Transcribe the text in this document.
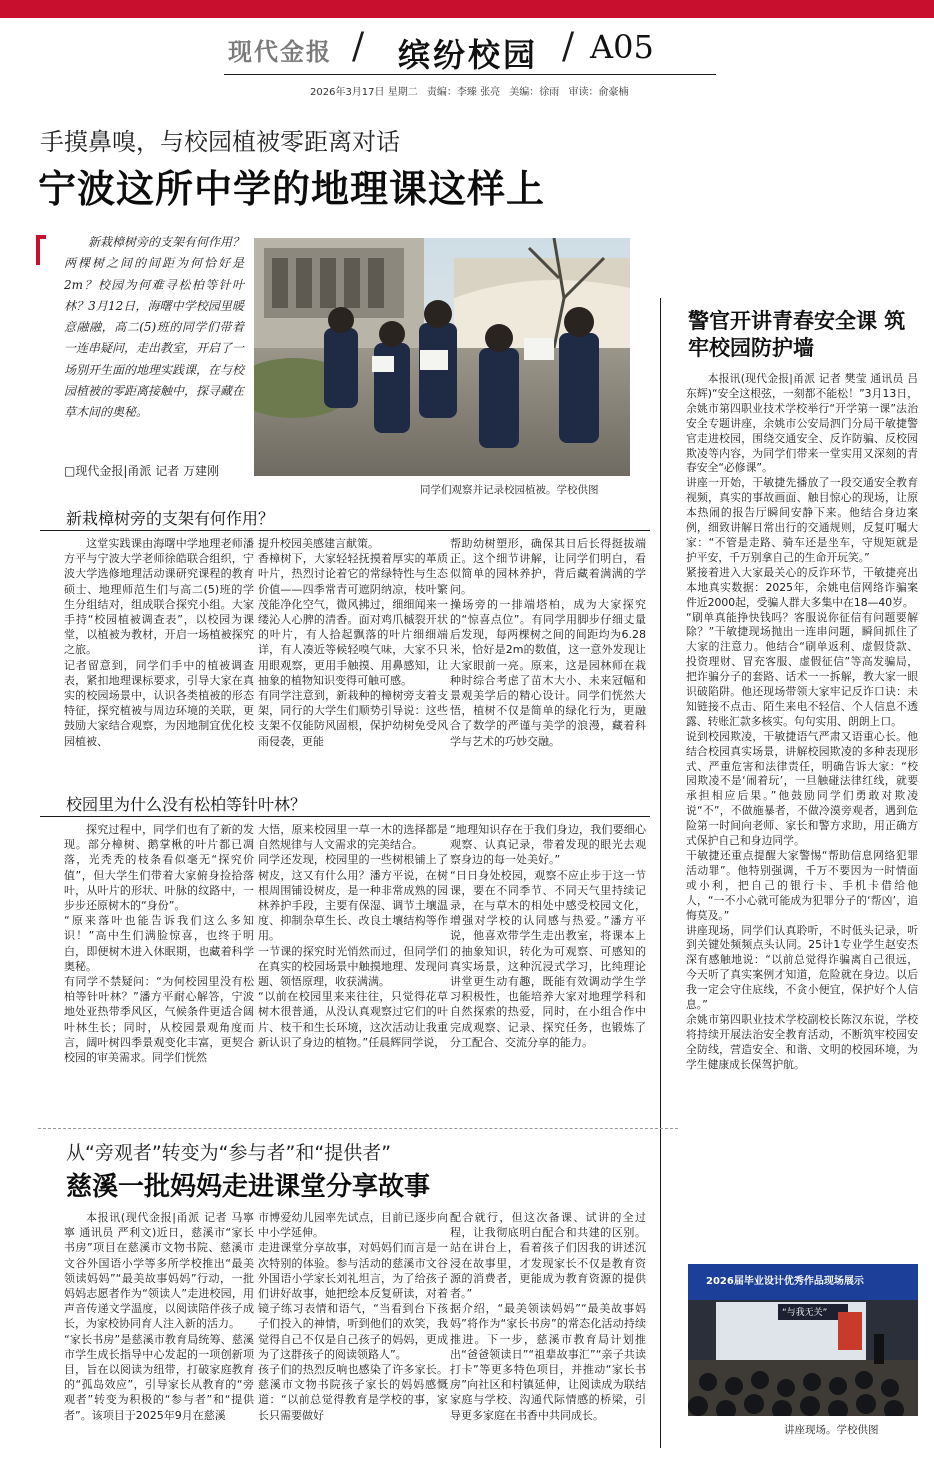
现代金报 / 缤纷校园 / A05
2026年3月17日 星期二 责编：李臻 张亮 美编：徐雨 审读：俞豪楠
手摸鼻嗅，与校园植被零距离对话
宁波这所中学的地理课这样上

新栽樟树旁的支架有何作用？两棵树之间的间距为何恰好是2m？校园为何难寻松柏等针叶林？3月12日，海曙中学校园里暖意融融，高二(5)班的同学们带着一连串疑问，走出教室，开启了一场别开生面的地理实践课，在与校园植被的零距离接触中，探寻藏在草木间的奥秘。

□现代金报|甬派 记者 万建刚
同学们观察并记录校园植被。学校供图
新栽樟树旁的支架有何作用？

这堂实践课由海曙中学地理老师潘方平与宁波大学老师徐皓联合组织，宁波大学选修地理活动课研究课程的教育硕士、地理师范生们与高二(5)班的学生分组结对，组成联合探究小组。大家手持“校园植被调查表”，以校园为课堂，以植被为教材，开启一场植被探究之旅。
记者留意到，同学们手中的植被调查表，紧扣地理课标要求，引导大家在真实的校园场景中，认识各类植被的形态特征，探究植被与周边环境的关联，更鼓励大家结合观察，为因地制宜优化校园植被、

提升校园美感建言献策。
香樟树下，大家轻轻抚摸着厚实的革质叶片，热烈讨论着它的常绿特性与生态价值——四季常青可遮阴纳凉，枝叶繁茂能净化空气，微风拂过，细细闻来一缕沁人心脾的清香。面对鸡爪槭裂开状的叶片，有人拾起飘落的叶片细细端详，有人凑近等候轻嗅气味，大家不只用眼观察，更用手触摸、用鼻感知，让抽象的植物知识变得可触可感。
有同学注意到，新栽种的樟树旁支着支架，同行的大学生们顺势引导说：这些支架不仅能防风固根，保护幼树免受风雨侵袭，更能

帮助幼树塑形，确保其日后长得挺拔端正。这个细节讲解，让同学们明白，看似简单的园林养护，背后藏着满满的学问。
操场旁的一排端塔柏，成为大家探究的“惊喜点位”。有同学用脚步仔细丈量后发现，每两棵树之间的间距均为6.28米，恰好是2m的数值，这一意外发现让大家眼前一亮。原来，这是园林师在栽种时综合考虑了苗木大小、未来冠幅和景观美学后的精心设计。同学们恍然大悟，植树不仅是简单的绿化行为，更融合了数学的严谨与美学的浪漫，藏着科学与艺术的巧妙交融。

校园里为什么没有松柏等针叶林？

探究过程中，同学们也有了新的发现。部分樟树、鹅掌楸的叶片都已凋落，光秃秃的枝条看似毫无“探究价值”，但大学生们带着大家俯身捡拾落叶，从叶片的形状、叶脉的纹路中，一步步还原树木的“身份”。
“原来落叶也能告诉我们这么多知识！”高中生们满脸惊喜，也终于明白，即便树木进入休眠期，也藏着科学奥秘。
有同学不禁疑问：“为何校园里没有松柏等针叶林？”潘方平耐心解答，宁波地处亚热带季风区，气候条件更适合阔叶林生长；同时，从校园景观角度而言，阔叶树四季景观变化丰富，更契合校园的审美需求。同学们恍然

大悟，原来校园里一草一木的选择都是自然规律与人文需求的完美结合。
同学还发现，校园里的一些树根铺上了树皮，这又有什么用？潘方平说，在树根周围铺设树皮，是一种非常成熟的园林养护手段，主要有保湿、调节土壤温度、抑制杂草生长、改良土壤结构等作用。
一节课的探究时光悄然而过，但同学们在真实的校园场景中触摸地理、发现问题、领悟原理，收获满满。
“以前在校园里来来往往，只觉得花草树木很普通，从没认真观察过它们的叶片、枝干和生长环境，这次活动让我重新认识了身边的植物。”任晨辉同学说，

“地理知识存在于我们身边，我们要细心观察、认真记录，带着发现的眼光去观察身边的每一处美好。”
“日日身处校园，观察不应止步于这一节课，要在不同季节、不同天气里持续记录，在与草木的相处中感受校园文化，增强对学校的认同感与热爱。”潘方平说，他喜欢带学生走出教室，将课本上的抽象知识，转化为可观察、可感知的真实场景，这种沉浸式学习，比纯理论讲堂更生动有趣，既能有效调动学生学习积极性，也能培养大家对地理学科和自然探索的热爱，同时，在小组合作中完成观察、记录、探究任务，也锻炼了分工配合、交流分享的能力。

警官开讲青春安全课 筑牢校园防护墙

本报讯(现代金报|甬派 记者 樊莹 通讯员 吕东辉)“安全这根弦，一刻都不能松！”3月13日，余姚市第四职业技术学校举行“开学第一课”法治安全专题讲座，余姚市公安局泗门分局干敏捷警官走进校园，围绕交通安全、反诈防骗、反校园欺凌等内容，为同学们带来一堂实用又深刻的青春安全“必修课”。
讲座一开始，干敏捷先播放了一段交通安全教育视频，真实的事故画面、触目惊心的现场，让原本热闹的报告厅瞬间安静下来。他结合身边案例，细致讲解日常出行的交通规则，反复叮嘱大家：“不管是走路、骑车还是坐车，守规矩就是护平安，千万别拿自己的生命开玩笑。”
紧接着进入大家最关心的反诈环节，干敏捷亮出本地真实数据：2025年，余姚电信网络诈骗案件近2000起，受骗人群大多集中在18—40岁。
“刷单真能挣快钱吗？客服说你征信有问题要解除？”干敏捷现场抛出一连串问题，瞬间抓住了大家的注意力。他结合“刷单返利、虚假贷款、投资理财、冒充客服、虚假征信”等高发骗局，把诈骗分子的套路、话术一一拆解，教大家一眼识破陷阱。他还现场带领大家牢记反诈口诀：未知链接不点击、陌生来电不轻信、个人信息不透露、转账汇款多核实。句句实用、朗朗上口。
说到校园欺凌，干敏捷语气严肃又语重心长。他结合校园真实场景，讲解校园欺凌的多种表现形式、严重危害和法律责任，明确告诉大家：“校园欺凌不是‘闹着玩’，一旦触碰法律红线，就要承担相应后果。”他鼓励同学们勇敢对欺凌说“不”，不做施暴者，不做冷漠旁观者，遇到危险第一时间向老师、家长和警方求助，用正确方式保护自己和身边同学。
干敏捷还重点提醒大家警惕“帮助信息网络犯罪活动罪”。他特别强调，千万不要因为一时情面或小利，把自己的银行卡、手机卡借给他人，“一不小心就可能成为犯罪分子的‘帮凶’，追悔莫及。”
讲座现场，同学们认真聆听，不时低头记录，听到关键处频频点头认同。25计1专业学生赵安杰深有感触地说：“以前总觉得诈骗离自己很远，今天听了真实案例才知道，危险就在身边。以后我一定会守住底线，不贪小便宜，保护好个人信息。”
余姚市第四职业技术学校副校长陈汉东说，学校将持续开展法治安全教育活动，不断筑牢校园安全防线，营造安全、和谐、文明的校园环境，为学生健康成长保驾护航。

2026届毕业设计优秀作品现场展示
“与我无关”
讲座现场。学校供图
从“旁观者”转变为“参与者”和“提供者”
慈溪一批妈妈走进课堂分享故事

本报讯(现代金报|甬派 记者 马寧寧 通讯员 严利文)近日，慈溪市“家长书房”项目在慈溪市文物书院、慈溪市文谷外国语小学等多所学校推出“最美领读妈妈”“最美故事妈妈”行动，一批妈妈志愿者作为“领读人”走进校园，用声音传递文学温度，以阅读陪伴孩子成长，为家校协同育人注入新的活力。
“家长书房”是慈溪市教育局统筹、慈溪市学生成长指导中心发起的一项创新项目，旨在以阅读为纽带，打破家庭教育的“孤岛效应”，引导家长从教育的“旁观者”转变为积极的“参与者”和“提供者”。该项目于2025年9月在慈溪

市博爱幼儿园率先试点，目前已逐步向中小学延伸。
走进课堂分享故事，对妈妈们而言是一次特别的体验。参与活动的慈溪市文谷外国语小学家长刘礼坦言，为了给孩子们讲好故事，她把绘本反复研读，对着镜子练习表情和语气，“当看到台下孩子们投入的神情，听到他们的欢笑，我觉得自己不仅是自己孩子的妈妈，更成为了这群孩子的阅读领路人”。
孩子们的热烈反响也感染了许多家长。慈溪市文物书院孩子家长的妈妈感慨道：“以前总觉得教育是学校的事，家长只需要做好

配合就行，但这次备课、试讲的全过程，让我彻底明白配合和共建的区别。站在讲台上，看着孩子们因我的讲述沉浸在故事里，才发现家长不仅是教育资源的消费者，更能成为教育资源的提供者。”
据介绍，“最美领读妈妈”“最美故事妈妈”将作为“家长书房”的常态化活动持续推进。下一步，慈溪市教育局计划推出“爸爸领读日”“祖辈故事汇”“亲子共读打卡”等更多特色项目，并推动“家长书房”向社区和村镇延伸，让阅读成为联结家庭与学校、沟通代际情感的桥梁，引导更多家庭在书香中共同成长。
